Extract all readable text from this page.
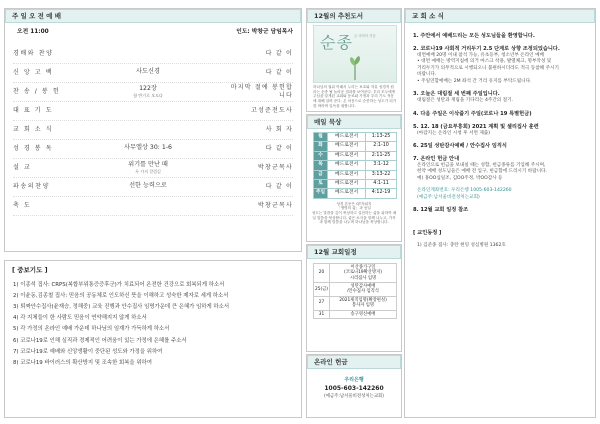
주 일 오 전 예 배
오전 11:00	인도: 박창군 담임목사
경배와 찬양	다 같 이
신 앙 고 백	사도신경	다 같 이
찬 송 / 봉 헌	122장
함 반기로 오도다
마지막 절에 봉헌합니다
대 표 기 도	고성준전도사
교 회 소 식	사 회 자
성 경 봉 독	사무엘상 30: 1-6	다 같 이
설 교	위기를 만난 때
두 가지 갈림길
박창군목사
파송의찬양	선한 능력으로	다 같 이
축 도	박창군목사
[ 중보기도 ]
1) 이종석 집사: CRPS(복합부위통증증후군)가 치료되어 온전한 건강으로 회복되게 하소서
2) 이윤동,김종철 집사: 믿음의 공동체로 인도하신 뜻을 이해하고 성숙한 제자로 세게 하소서
3) 퇴짜안수집사(윤재승, 정해중) 교육 진행과 안수집사 임명가운데 큰 은혜가 임하게 하소서
4) 각 지체들이 한 사람도 믿음이 연약해지지 않게 하소서
5) 각 가정의 온라인 예배 가운데 하나님의 임재가 가득하게 하소서
6) 코로나19로 인해 실직과 경제적인 어려움이 있는 가정에 은혜를 주소서
7) 코로나19로 예배와 신앙생활이 중단된 성도와 가정을 위하여
8) 코로나19 바이러스의 확산방지 및 조속한 회복을 위하여
12월의 추천도서
순종 존 비비어 지음
하나님의 권위 아래서 누리는 보호와 자유 성경적 원리는 순종 될 놀라운 결과를 보여준다. 우리 모두에게 주님을 알게된 교회와 동료와 가정과 우리 기도 적응에 대해 알려 준다. 온 마음으로 순종하는 성도가 되기를 바라며 일독을 권합니다.
매일 묵상
월	베드로전서	1:13-25
화	베드로전서	2:1-10
수	베드로전서	2:11-25
목	베드로전서	3:1-12
금	베드로전서	3:13-22
토	베드로전서	4:1-11
주일	베드로전서	4:12-19
성경 본문은 QT저쉬지
「생명의 삶」과 동일
성도는 말씀을 깊이 묵상하고 실천하는 삶을 위하여 매일 말씀을 묵상합니다. 좋은 소식을 함께 나누고, 가족과 함께 말씀을 나누며 하나님을 묵상합니다.
12월 교회일정
20	이산종가구일
(코로나19확산방지)
시리집사 임명
25(금)	성탄감사예배
/안수집사 임직식
27	2021제직임명(확장편성)
봉사자 임명
31	송구영신예배
온라인 헌금
우리은행
1005-603-142260
(예금주:남서울비전성처는교회)
교 회 소 식
1. 주안에서 예배드리는 모든 성도님들을 환영합니다.
2. 코로나19 사회적 거리두기 2.5 단계로 상향 조정되었습니다.
대면예배 20명 이내 참석 가능, 유초등부, 청소년부 온라인 예배
• 대면 예배는 방역지침에 의거 마스크 착용, 발열체크, 명부작성 및
거리두기가 의무적으로 시행되오니 불편하시더라도 적극 동참해 주시기
바랍니다.
• 주일연합예배는 2M 좌석 간 거리 유지를 부탁드립니다.
3. 오늘은 대림절 세 번째 주일입니다.
대림절은 성탄과 재림을 기다리는 4주간의 절기.
4. 다음 주일은 이삭줍기 주일(코로나 19 특별헌금)
5. 12. 18 (금요부흥회) 2021 계획 및 셀리집사 훈련
(마감지는 온라인 시청 후 서면 제출)
6. 25일 성탄감사예배 / 안수집사 임직식
7. 온라인 헌금 안내
온라인으로 헌금을 보내실 때는 성함, 헌금종류를 기입해 주시며,
헌약 예배 성도님들은 예배 전 입구, 헌금함에 드리시기 바랍니다.
예) 홍OO십일조, 김OO주정, 박OO감사 등
온라인계좌번호: 우리은행 1005-603-142260
(예금주:남서울비전성처는교회)
8. 12월 교회 일정 참조
[ 교인동정 ]
1) 김준종 집사: 충탄 현밍 성심병원 1362호
